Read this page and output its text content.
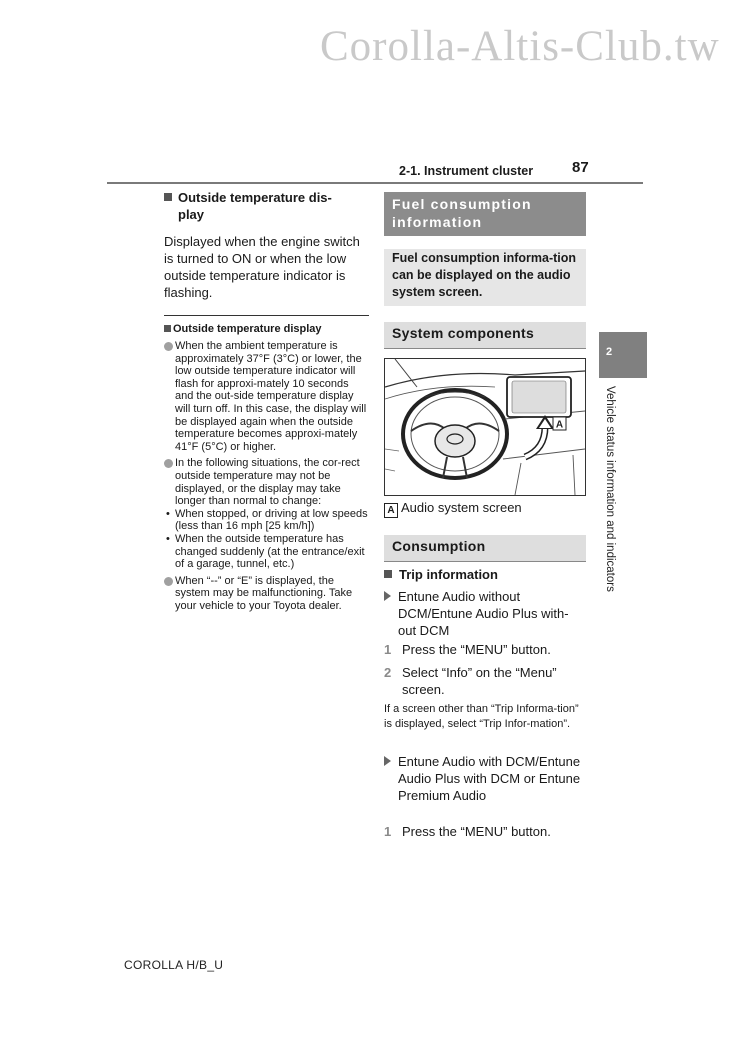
Corolla-Altis-Club.tw
2-1. Instrument cluster	87
Outside temperature dis-
play
Displayed when the engine switch is turned to ON or when the low outside temperature indicator is flashing.
Outside temperature display
When the ambient temperature is approximately 37°F (3°C) or lower, the low outside temperature indicator will flash for approxi-mately 10 seconds and the out-side temperature display will turn off. In this case, the display will be displayed again when the outside temperature becomes approxi-mately 41°F (5°C) or higher.
In the following situations, the cor-rect outside temperature may not be displayed, or the display may take longer than normal to change:
• When stopped, or driving at low speeds (less than 16 mph [25 km/h])
• When the outside temperature has changed suddenly (at the entrance/exit of a garage, tunnel, etc.)
When “--” or “E” is displayed, the system may be malfunctioning. Take your vehicle to your Toyota dealer.
Fuel consumption information
Fuel consumption informa-tion can be displayed on the audio system screen.
System components
A
A Audio system screen
Consumption
Trip information
Entune Audio without DCM/Entune Audio Plus with-out DCM
1 Press the “MENU” button.
2 Select “Info” on the “Menu” screen.
If a screen other than “Trip Informa-tion” is displayed, select “Trip Infor-mation”.
Entune Audio with DCM/Entune Audio Plus with DCM or Entune Premium Audio
1 Press the “MENU” button.
2
Vehicle status information and indicators
COROLLA H/B_U
